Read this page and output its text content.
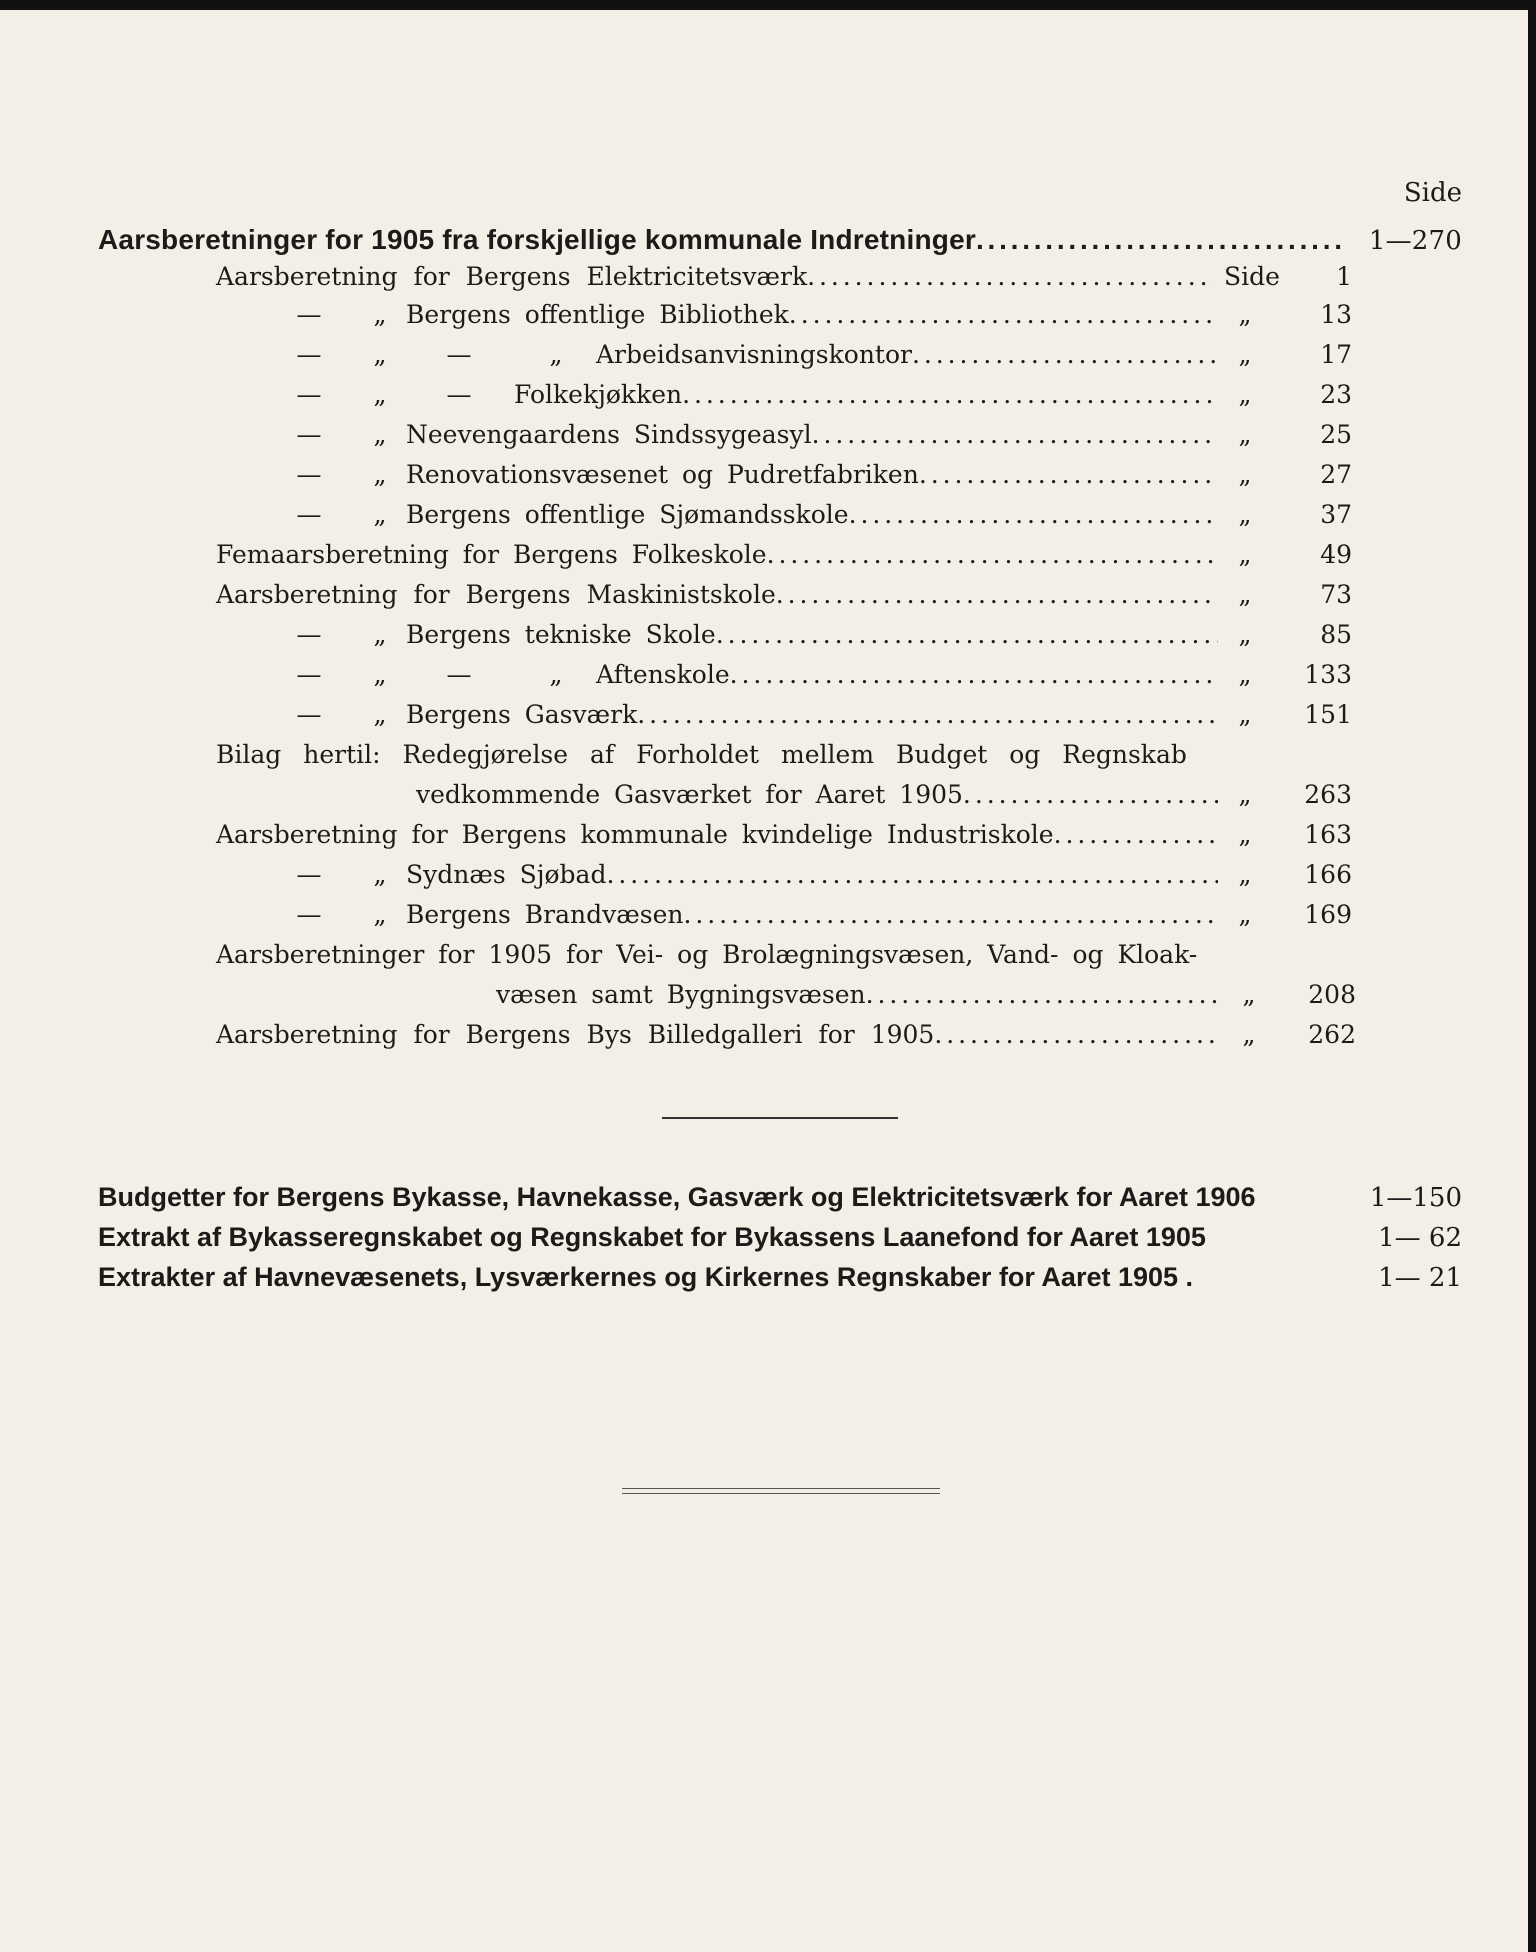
Side
Aarsberetninger for 1905 fra forskjellige kommunale Indretninger . . .	1—270
Aarsberetning for Bergens Elektricitetsværk . . .	Side	1
—	„ Bergens offentlige Bibliothek . . .	„	13
—	„	—	„	Arbeidsanvisningskontor . . .	„	17
—	„	—	Folkekjøkken . . .	„	23
—	„ Neevengaardens Sindssygeasyl . . .	„	25
—	„ Renovationsvæsenet og Pudretfabriken . . .	„	27
—	„ Bergens offentlige Sjømandsskole . . .	„	37
Femaarsberetning for Bergens Folkeskole . . .	„	49
Aarsberetning for Bergens Maskinistskole . . .	„	73
—	„ Bergens tekniske Skole . . .	„	85
—	„	—	„	Aftenskole . . .	„	133
—	„ Bergens Gasværk . . .	„	151
Bilag hertil: Redegjørelse af Forholdet mellem Budget og Regnskab
vedkommende Gasværket for Aaret 1905 . . .	„	263
Aarsberetning for Bergens kommunale kvindelige Industriskole . . .	„	163
—	„ Sydnæs Sjøbad . . .	„	166
—	„ Bergens Brandvæsen . . .	„	169
Aarsberetninger for 1905 for Vei- og Brolægningsvæsen, Vand- og Kloak-
væsen samt Bygningsvæsen . . .	„	208
Aarsberetning for Bergens Bys Billedgalleri for 1905 . . .	„	262
Budgetter for Bergens Bykasse, Havnekasse, Gasværk og Elektricitetsværk for Aaret 1906	1—150
Extrakt af Bykasseregnskabet og Regnskabet for Bykassens Laanefond for Aaret 1905	1— 62
Extrakter af Havnevæsenets, Lysværkernes og Kirkernes Regnskaber for Aaret 1905 .	1— 21
